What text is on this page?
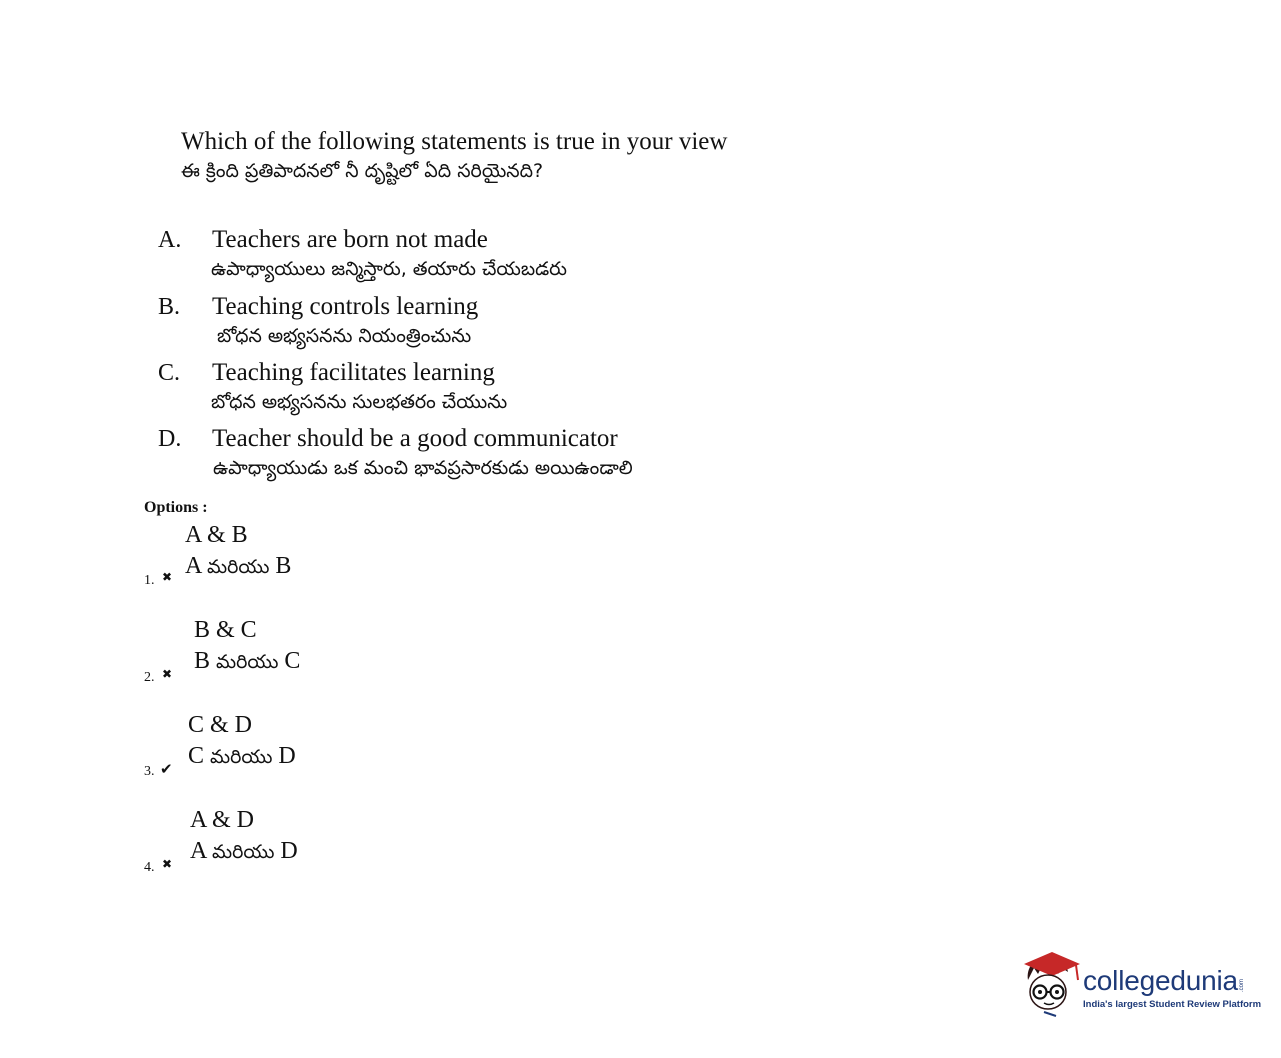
Which of the following statements is true in your view
ఈ క్రింది ప్రతిపాదనలో నీ దృష్టిలో ఏది సరియైనది?
A. Teachers are born not made
ఉపాధ్యాయులు జన్మిస్తారు, తయారు చేయబడరు
B. Teaching controls learning
బోధన అభ్యసనను నియంత్రించును
C. Teaching facilitates learning
బోధన అభ్యసనను సులభతరం చేయును
D. Teacher should be a good communicator
ఉపాధ్యాయుడు ఒక మంచి భావప్రసారకుడు అయిఉండాలి
Options :
A & B
A మరియు B
1. ✖
B & C
B మరియు C
2. ✖
C & D
C మరియు D
3. ✔
A & D
A మరియు D
4. ✖
collegedunia .com
India's largest Student Review Platform
